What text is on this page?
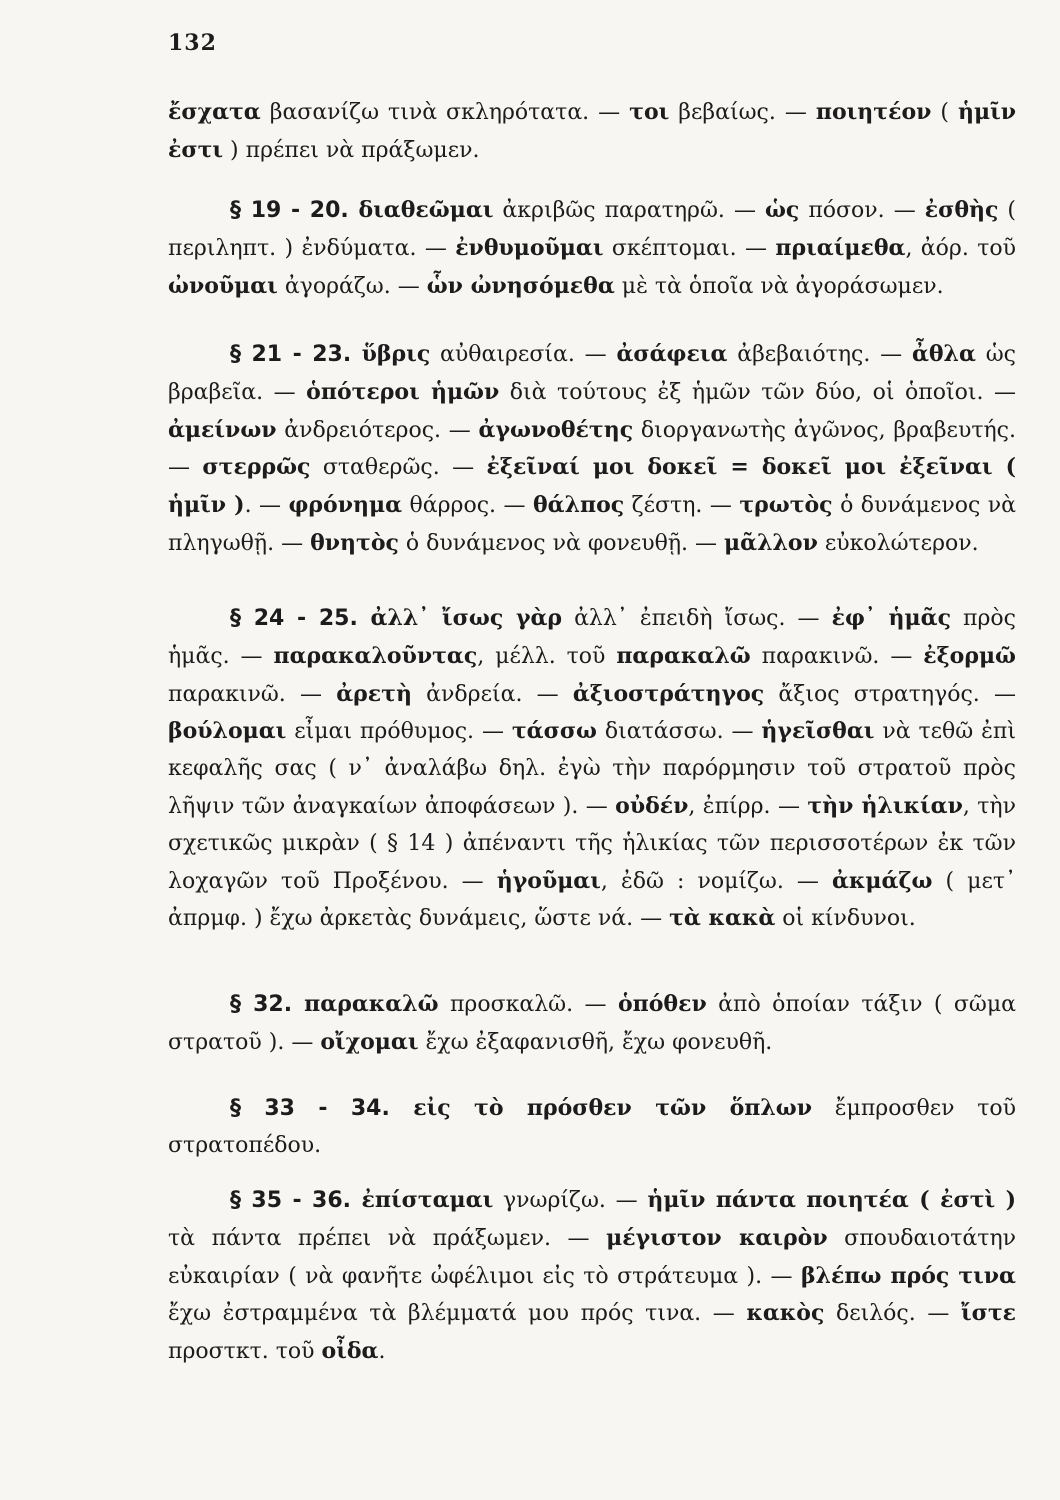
132

ἔσχατα βασανίζω τινὰ σκληρότατα. — τοι βεβαίως. — ποιητέον ( ἡμῖν ἐστι ) πρέπει νὰ πράξωμεν.

§ 19 - 20. διαθεῶμαι ἀκριβῶς παρατηρῶ. — ὡς πόσον. — ἐσθὴς ( περιληπτ. ) ἐνδύματα. — ἐνθυμοῦμαι σκέπτομαι. — πριαίμεθα, ἀόρ. τοῦ ὠνοῦμαι ἀγοράζω. — ὧν ὠνησόμεθα μὲ τὰ ὁποῖα νὰ ἀγοράσωμεν.

§ 21 - 23. ὕβρις αὐθαιρεσία. — ἀσάφεια ἀβεβαιότης. — ἆθλα ὡς βραβεῖα. — ὁπότεροι ἡμῶν διὰ τούτους ἐξ ἡμῶν τῶν δύο, οἱ ὁποῖοι. — ἀμείνων ἀνδρειότερος. — ἀγωνοθέτης διοργανωτὴς ἀγῶνος, βραβευτής. — στερρῶς σταθερῶς. — ἐξεῖναί μοι δοκεῖ = δοκεῖ μοι ἐξεῖναι ( ἡμῖν ). — φρόνημα θάρρος. — θάλπος ζέστη. — τρωτὸς ὁ δυνάμενος νὰ πληγωθῇ. — θνητὸς ὁ δυνάμενος νὰ φονευθῇ. — μᾶλλον εὐκολώτερον.

§ 24 - 25. ἀλλ᾽ ἴσως γὰρ ἀλλ᾽ ἐπειδὴ ἴσως. — ἐφ᾽ ἡμᾶς πρὸς ἡμᾶς. — παρακαλοῦντας, μέλλ. τοῦ παρακαλῶ παρακινῶ. — ἐξορμῶ παρακινῶ. — ἀρετὴ ἀνδρεία. — ἀξιοστράτηγος ἄξιος στρατηγός. — βούλομαι εἶμαι πρόθυμος. — τάσσω διατάσσω. — ἡγεῖσθαι νὰ τεθῶ ἐπὶ κεφαλῆς σας ( ν᾽ ἀναλάβω δηλ. ἐγὼ τὴν παρόρμησιν τοῦ στρατοῦ πρὸς λῆψιν τῶν ἀναγκαίων ἀποφάσεων ). — οὐδέν, ἐπίρρ. — τὴν ἡλικίαν, τὴν σχετικῶς μικρὰν ( § 14 ) ἀπέναντι τῆς ἡλικίας τῶν περισσοτέρων ἐκ τῶν λοχαγῶν τοῦ Προξένου. — ἡγοῦμαι, ἐδῶ : νομίζω. — ἀκμάζω ( μετ᾽ ἀπρμφ. ) ἔχω ἀρκετὰς δυνάμεις, ὥστε νά. — τὰ κακὰ οἱ κίνδυνοι.

§ 32. παρακαλῶ προσκαλῶ. — ὁπόθεν ἀπὸ ὁποίαν τάξιν ( σῶμα στρατοῦ ). — οἴχομαι ἔχω ἐξαφανισθῆ, ἔχω φονευθῆ.

§ 33 - 34. εἰς τὸ πρόσθεν τῶν ὅπλων ἔμπροσθεν τοῦ στρατοπέδου.

§ 35 - 36. ἐπίσταμαι γνωρίζω. — ἡμῖν πάντα ποιητέα ( ἐστὶ ) τὰ πάντα πρέπει νὰ πράξωμεν. — μέγιστον καιρὸν σπουδαιοτάτην εὐκαιρίαν ( νὰ φανῆτε ὠφέλιμοι εἰς τὸ στράτευμα ). — βλέπω πρός τινα ἔχω ἐστραμμένα τὰ βλέμματά μου πρός τινα. — κακὸς δειλός. — ἴστε προστκτ. τοῦ οἶδα.
